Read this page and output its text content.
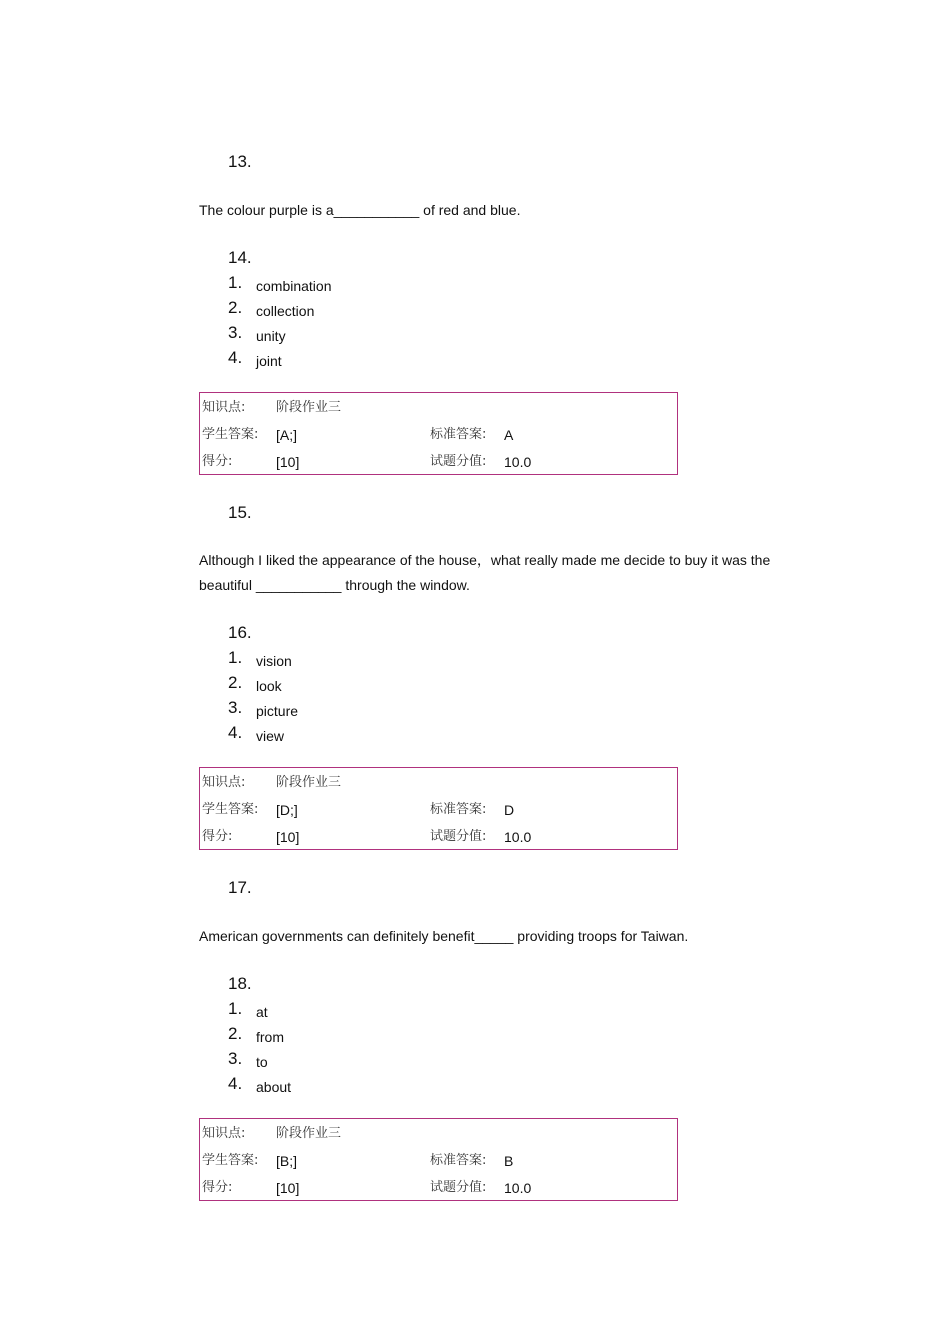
13.
The colour purple is a___________ of red and blue.
14.
1. combination
2. collection
3. unity
4. joint
知识点: 阶段作业三
学生答案: [A;]	标准答案: A
得分:	[10]	试题分值: 10.0
15.
Although I liked the appearance of the house，what really made me decide to buy it was the
beautiful ___________ through the window.
16.
1. vision
2. look
3. picture
4. view
知识点: 阶段作业三
学生答案: [D;]	标准答案: D
得分:	[10]	试题分值: 10.0
17.
American governments can definitely benefit_____ providing troops for Taiwan.
18.
1. at
2. from
3. to
4. about
知识点: 阶段作业三
学生答案: [B;]	标准答案: B
得分:	[10]	试题分值: 10.0
